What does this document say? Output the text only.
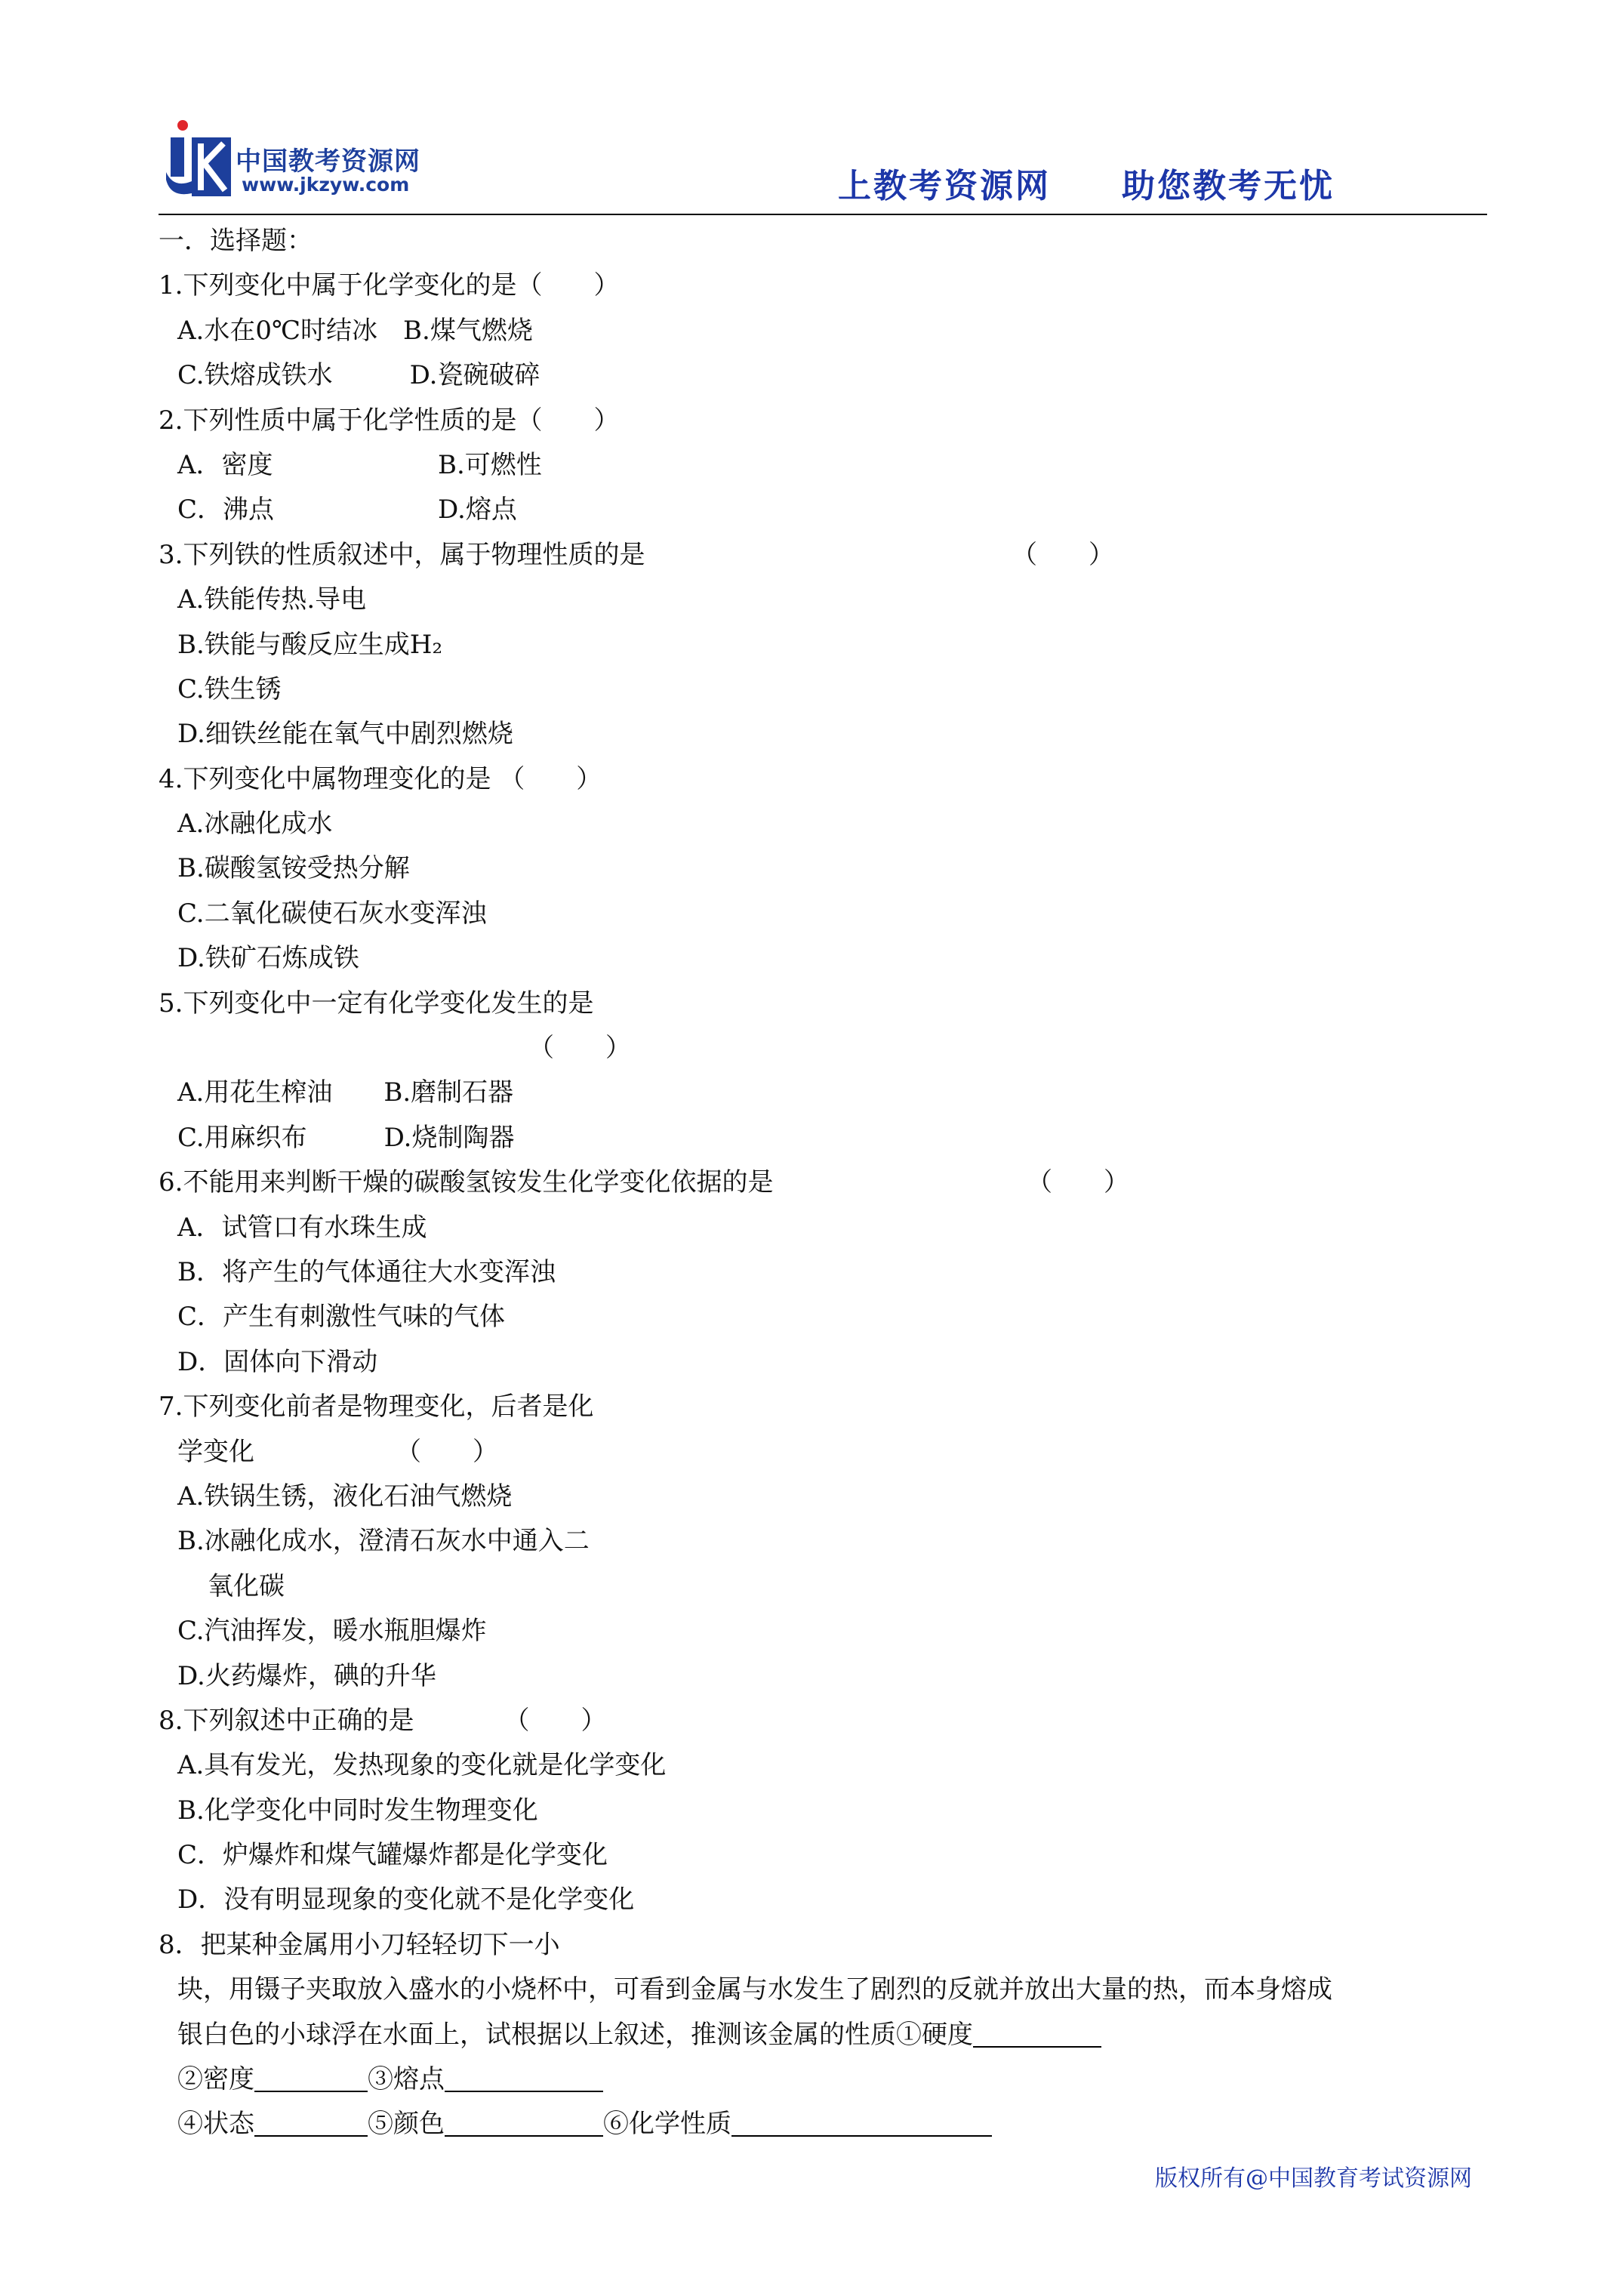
中国教考资源网
www.jkzyw.com	上教考资源网　　助您教考无忧
一．选择题：
1.下列变化中属于化学变化的是（　　）
A.水在0℃时结冰　B.煤气燃烧
C.铁熔成铁水　　　D.瓷碗破碎
2.下列性质中属于化学性质的是（　　）
A．密度	B.可燃性
C．沸点	D.熔点
3.下列铁的性质叙述中，属于物理性质的是	（　　）
A.铁能传热.导电
B.铁能与酸反应生成H₂
C.铁生锈
D.细铁丝能在氧气中剧烈燃烧
4.下列变化中属物理变化的是 （　　）
A.冰融化成水
B.碳酸氢铵受热分解
C.二氧化碳使石灰水变浑浊
D.铁矿石炼成铁
5.下列变化中一定有化学变化发生的是
（　　）
A.用花生榨油　　B.磨制石器
C.用麻织布　　　D.烧制陶器
6.不能用来判断干燥的碳酸氢铵发生化学变化依据的是	（　　）
A．试管口有水珠生成
B．将产生的气体通往大水变浑浊
C．产生有刺激性气味的气体
D．固体向下滑动
7.下列变化前者是物理变化，后者是化
学变化　　　　　　（　　）
A.铁锅生锈，液化石油气燃烧
B.冰融化成水，澄清石灰水中通入二
氧化碳
C.汽油挥发，暖水瓶胆爆炸
D.火药爆炸，碘的升华
8.下列叙述中正确的是　　　　（　　）
A.具有发光，发热现象的变化就是化学变化
B.化学变化中同时发生物理变化
C．炉爆炸和煤气罐爆炸都是化学变化
D．没有明显现象的变化就不是化学变化
8．把某种金属用小刀轻轻切下一小
块，用镊子夹取放入盛水的小烧杯中，可看到金属与水发生了剧烈的反就并放出大量的热，而本身熔成
银白色的小球浮在水面上，试根据以上叙述，推测该金属的性质①硬度
②密度	③熔点
④状态	⑤颜色	⑥化学性质
版权所有@中国教育考试资源网
